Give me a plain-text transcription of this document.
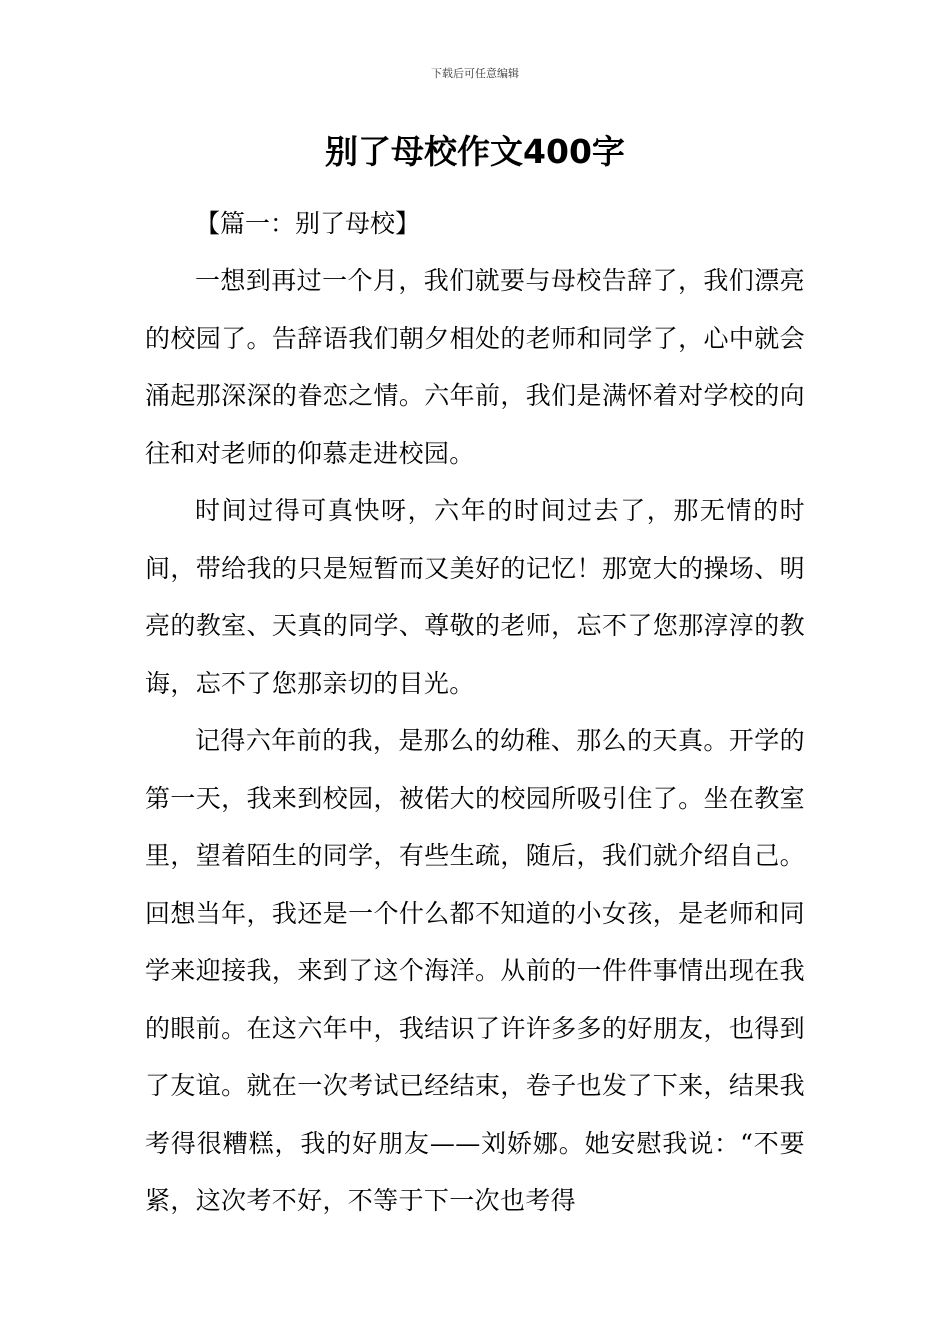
下载后可任意编辑
别了母校作文400字

【篇一：别了母校】

一想到再过一个月，我们就要与母校告辞了，我们漂亮的校园了。告辞语我们朝夕相处的老师和同学了，心中就会涌起那深深的眷恋之情。六年前，我们是满怀着对学校的向往和对老师的仰慕走进校园。

时间过得可真快呀，六年的时间过去了，那无情的时间，带给我的只是短暂而又美好的记忆！那宽大的操场、明亮的教室、天真的同学、尊敬的老师，忘不了您那淳淳的教诲，忘不了您那亲切的目光。

记得六年前的我，是那么的幼稚、那么的天真。开学的第一天，我来到校园，被偌大的校园所吸引住了。坐在教室里，望着陌生的同学，有些生疏，随后，我们就介绍自己。回想当年，我还是一个什么都不知道的小女孩，是老师和同学来迎接我，来到了这个海洋。从前的一件件事情出现在我的眼前。在这六年中，我结识了许许多多的好朋友，也得到了友谊。就在一次考试已经结束，卷子也发了下来，结果我考得很糟糕，我的好朋友——刘娇娜。她安慰我说：“不要紧，这次考不好，不等于下一次也考得
